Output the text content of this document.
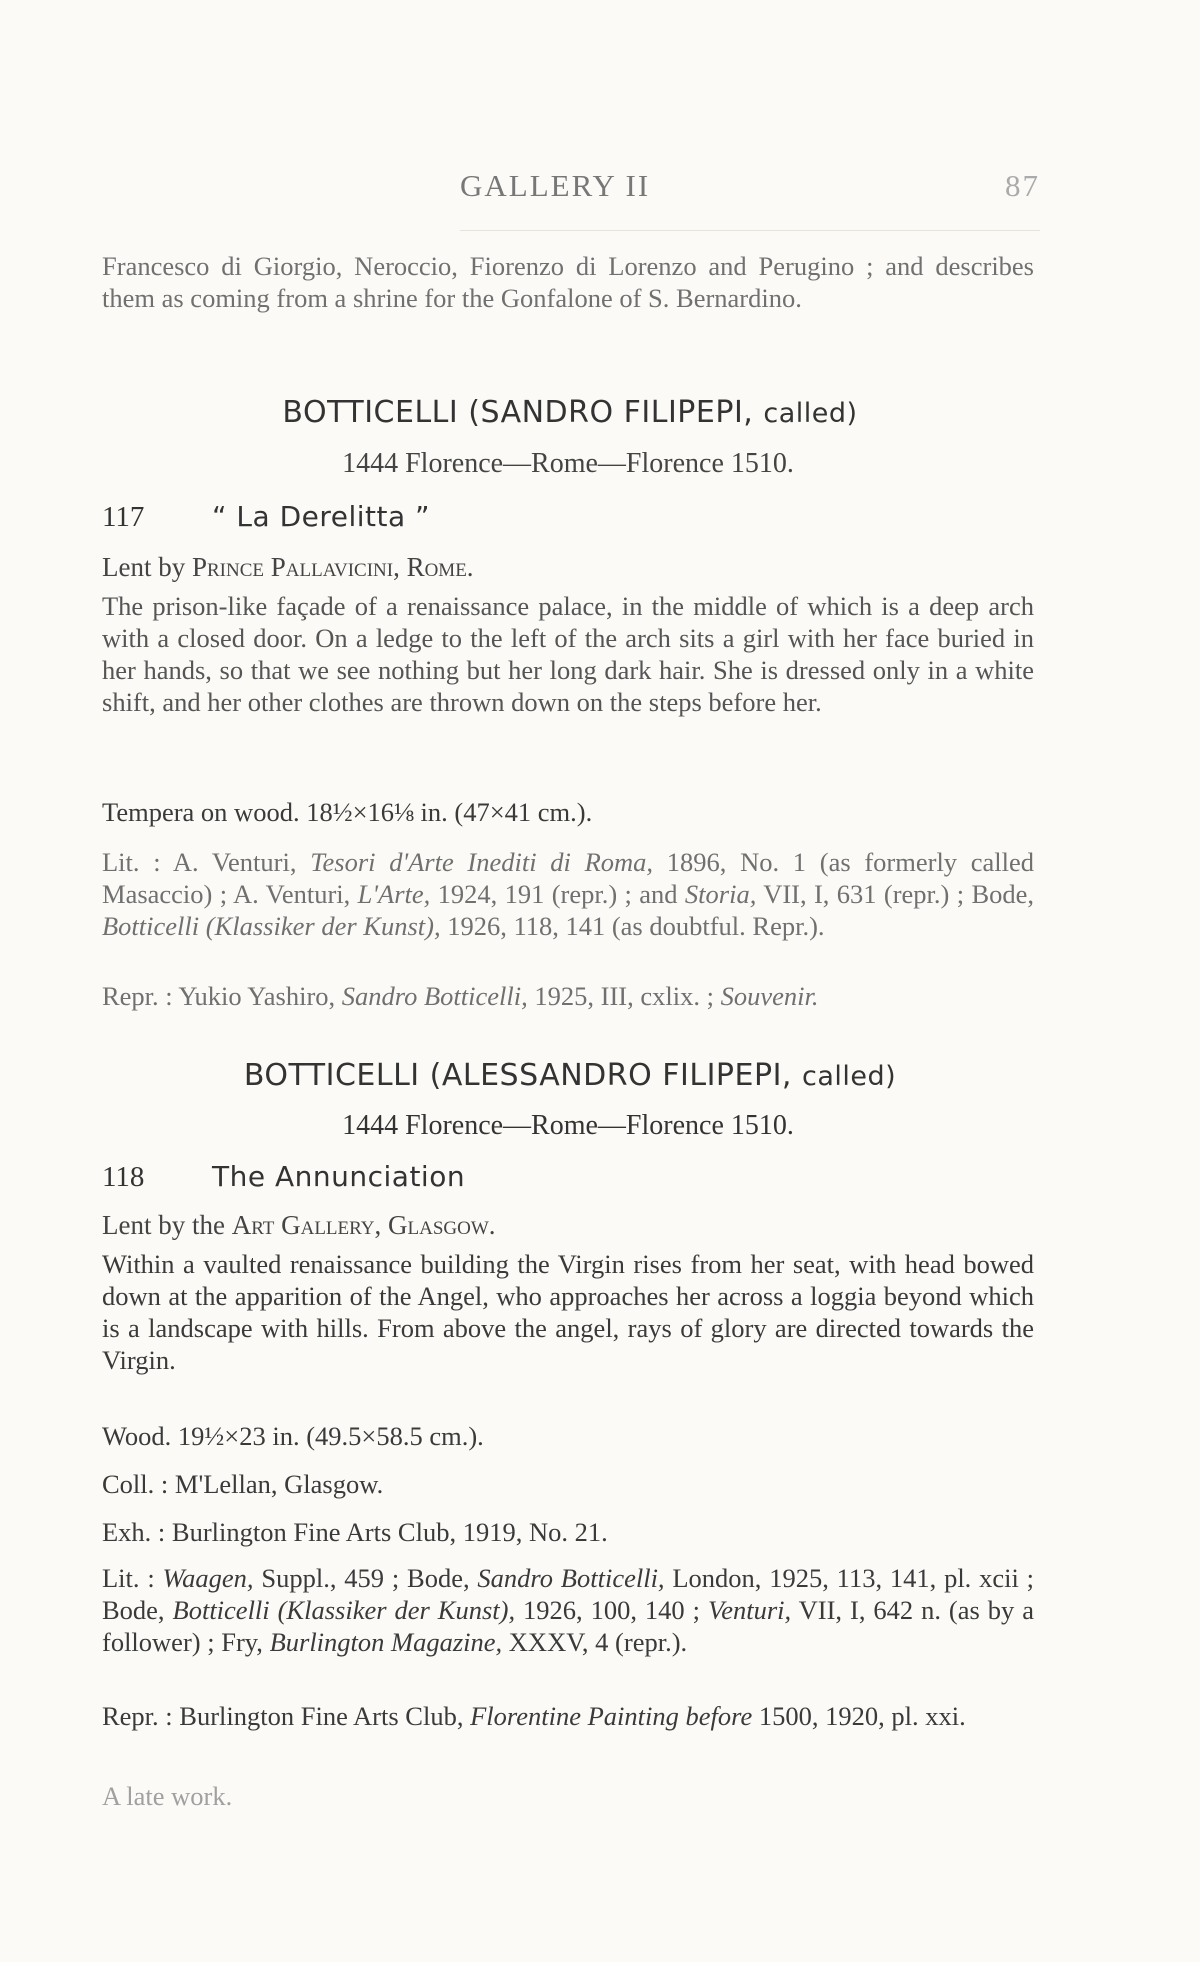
GALLERY II	87
Francesco di Giorgio, Neroccio, Fiorenzo di Lorenzo and Perugino ; and describes them as coming from a shrine for the Gonfalone of S. Bernardino.
BOTTICELLI (SANDRO FILIPEPI, called)
1444 Florence—Rome—Florence 1510.
117 “ La Derelitta ”
Lent by Prince Pallavicini, Rome.
The prison-like façade of a renaissance palace, in the middle of which is a deep arch with a closed door. On a ledge to the left of the arch sits a girl with her face buried in her hands, so that we see nothing but her long dark hair. She is dressed only in a white shift, and her other clothes are thrown down on the steps before her.
Tempera on wood. 18½×16⅛ in. (47×41 cm.).
Lit. : A. Venturi, Tesori d'Arte Inediti di Roma, 1896, No. 1 (as formerly called Masaccio) ; A. Venturi, L'Arte, 1924, 191 (repr.) ; and Storia, VII, I, 631 (repr.) ; Bode, Botticelli (Klassiker der Kunst), 1926, 118, 141 (as doubtful. Repr.).
Repr. : Yukio Yashiro, Sandro Botticelli, 1925, III, cxlix. ; Souvenir.
BOTTICELLI (ALESSANDRO FILIPEPI, called)
1444 Florence—Rome—Florence 1510.
118 The Annunciation
Lent by the Art Gallery, Glasgow.
Within a vaulted renaissance building the Virgin rises from her seat, with head bowed down at the apparition of the Angel, who approaches her across a loggia beyond which is a landscape with hills. From above the angel, rays of glory are directed towards the Virgin.
Wood. 19½×23 in. (49.5×58.5 cm.).
Coll. : M'Lellan, Glasgow.
Exh. : Burlington Fine Arts Club, 1919, No. 21.
Lit. : Waagen, Suppl., 459 ; Bode, Sandro Botticelli, London, 1925, 113, 141, pl. xcii ; Bode, Botticelli (Klassiker der Kunst), 1926, 100, 140 ; Venturi, VII, I, 642 n. (as by a follower) ; Fry, Burlington Magazine, XXXV, 4 (repr.).
Repr. : Burlington Fine Arts Club, Florentine Painting before 1500, 1920, pl. xxi.
A late work.
